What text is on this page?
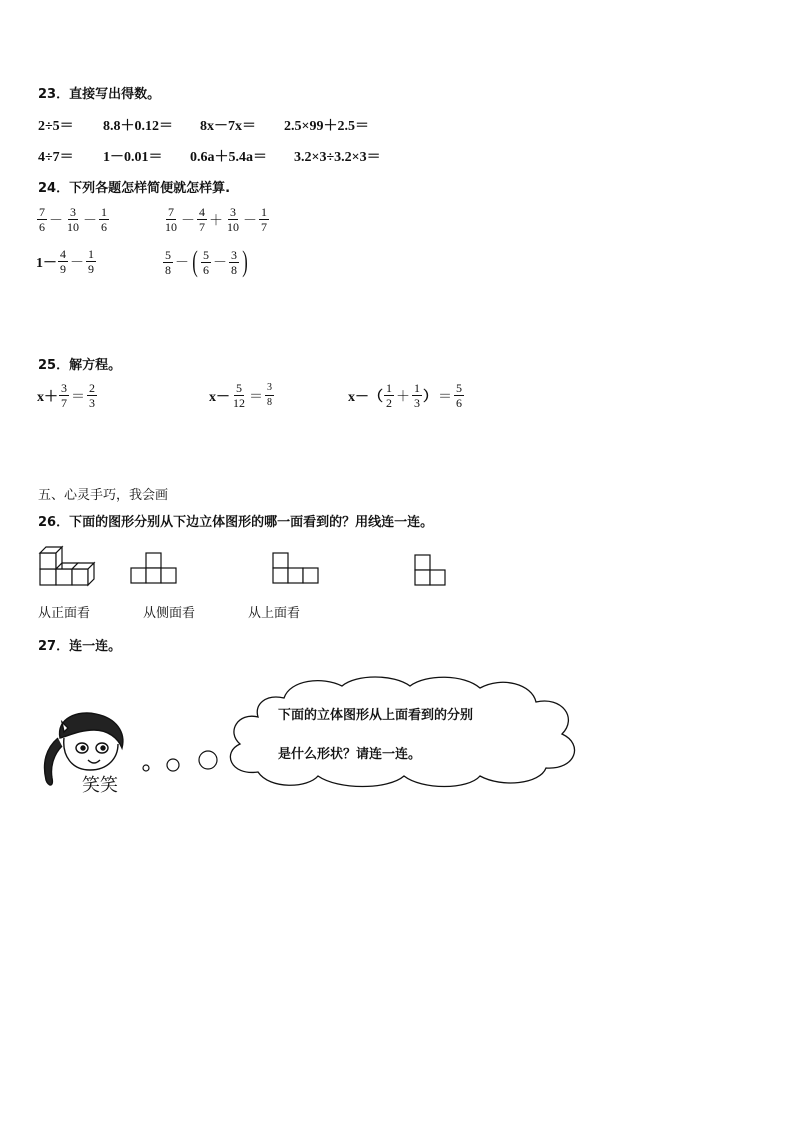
23．直接写出得数。
2÷5＝ 8.8＋0.12＝ 8x－7x＝ 2.5×99＋2.5＝
4÷7＝ 1－0.01＝ 0.6a＋5.4a＝ 3.2×3÷3.2×3＝
24．下列各题怎样简便就怎样算.
$\frac{7}{6} - \frac{3}{10} - \frac{1}{6}$	$\frac{7}{10} - \frac{4}{7} + \frac{3}{10} - \frac{1}{7}$
$1- \frac{4}{9} - \frac{1}{9}$	$\frac{5}{8}$ － ( $\frac{5}{6} - \frac{3}{8}$ )
25．解方程。
$x+ \frac{3}{7} = \frac{2}{3}$	$x- \frac{5}{12} = \frac{3}{8}$	$x-( \frac{1}{2} + \frac{1}{3}$ ） ＝ $\frac{5}{6}$
五、心灵手巧，我会画
26．下面的图形分别从下边立体图形的哪一面看到的？用线连一连。
从正面看	从侧面看	从上面看
27．连一连。
笑笑
下面的立体图形从上面看到的分别
是什么形状？请连一连。
